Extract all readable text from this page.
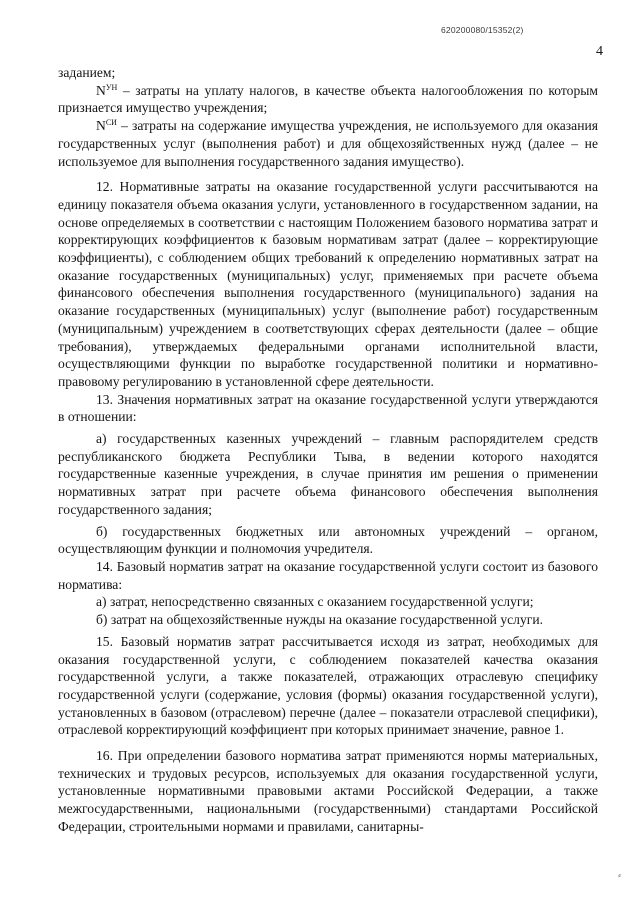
620200080/15352(2)
4

заданием;

$N^{УН}$ – затраты на уплату налогов, в качестве объекта налогообложения по которым признается имущество учреждения;

$N^{СИ}$ – затраты на содержание имущества учреждения, не используемого для оказания государственных услуг (выполнения работ) и для общехозяйственных нужд (далее – не используемое для выполнения государственного задания имущество).

12. Нормативные затраты на оказание государственной услуги рассчитываются на единицу показателя объема оказания услуги, установленного в государственном задании, на основе определяемых в соответствии с настоящим Положением базового норматива затрат и корректирующих коэффициентов к базовым нормативам затрат (далее – корректирующие коэффициенты), с соблюдением общих требований к определению нормативных затрат на оказание государственных (муниципальных) услуг, применяемых при расчете объема финансового обеспечения выполнения государственного (муниципального) задания на оказание государственных (муниципальных) услуг (выполнение работ) государственным (муниципальным) учреждением в соответствующих сферах деятельности (далее – общие требования), утверждаемых федеральными органами исполнительной власти, осуществляющими функции по выработке государственной политики и нормативно-правовому регулированию в установленной сфере деятельности.

13. Значения нормативных затрат на оказание государственной услуги утверждаются в отношении:

а) государственных казенных учреждений – главным распорядителем средств республиканского бюджета Республики Тыва, в ведении которого находятся государственные казенные учреждения, в случае принятия им решения о применении нормативных затрат при расчете объема финансового обеспечения выполнения государственного задания;

б) государственных бюджетных или автономных учреждений – органом, осуществляющим функции и полномочия учредителя.

14. Базовый норматив затрат на оказание государственной услуги состоит из базового норматива:

а) затрат, непосредственно связанных с оказанием государственной услуги;

б) затрат на общехозяйственные нужды на оказание государственной услуги.

15. Базовый норматив затрат рассчитывается исходя из затрат, необходимых для оказания государственной услуги, с соблюдением показателей качества оказания государственной услуги, а также показателей, отражающих отраслевую специфику государственной услуги (содержание, условия (формы) оказания государственной услуги), установленных в базовом (отраслевом) перечне (далее – показатели отраслевой специфики), отраслевой корректирующий коэффициент при которых принимает значение, равное 1.

16. При определении базового норматива затрат применяются нормы материальных, технических и трудовых ресурсов, используемых для оказания государственной услуги, установленные нормативными правовыми актами Российской Федерации, а также межгосударственными, национальными (государственными) стандартами Российской Федерации, строительными нормами и правилами, санитарны-

⸗
